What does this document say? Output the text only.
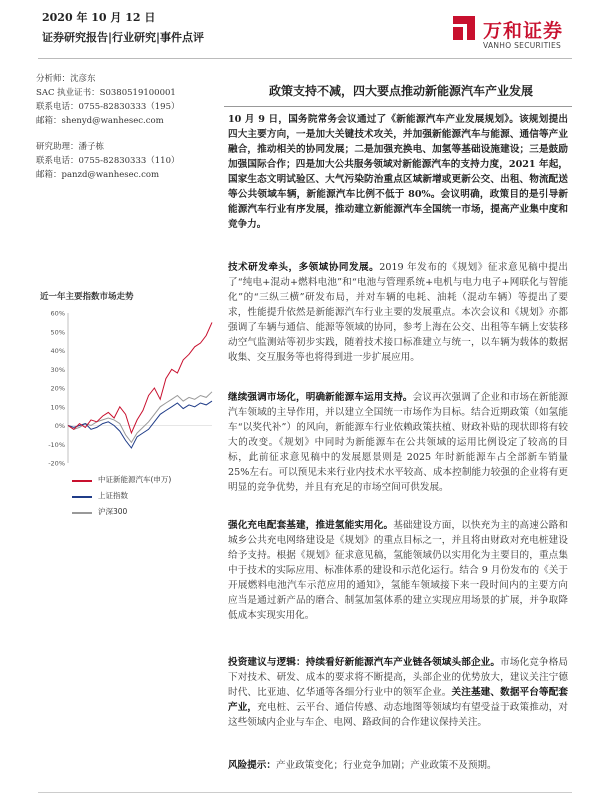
2020 年 10 月 12 日
证券研究报告|行业研究|事件点评	万和证券
VANHO SECURITIES
分析师：沈彦东
SAC 执业证书：S0380519100001
联系电话：0755-82830333（195）
邮箱：shenyd@wanhesec.com
研究助理：潘子栋
联系电话：0755-82830333（110）
邮箱：panzd@wanhesec.com
近一年主要指数市场走势
60%
50%
40%
30%
20%
10%
0%
-10%
-20%
中证新能源汽车(申万)
上证指数
沪深300
政策支持不减，四大要点推动新能源汽车产业发展
10 月 9 日，国务院常务会议通过了《新能源汽车产业发展规划》。该规划提出四大主要方向，一是加大关键技术攻关，并加强新能源汽车与能源、通信等产业融合，推动相关的协同发展；二是加强充换电、加氢等基础设施建设；三是鼓励加强国际合作；四是加大公共服务领域对新能源汽车的支持力度，2021 年起，国家生态文明试验区、大气污染防治重点区域新增或更新公交、出租、物流配送等公共领域车辆，新能源汽车比例不低于 80%。会议明确，政策目的是引导新能源汽车行业有序发展，推动建立新能源汽车全国统一市场，提高产业集中度和竞争力。
技术研发牵头，多领域协同发展。2019 年发布的《规划》征求意见稿中提出了“纯电+混动+燃料电池”和“电池与管理系统+电机与电力电子+网联化与智能化”的“三纵三横”研发布局，并对车辆的电耗、油耗（混动车辆）等提出了要求，性能提升依然是新能源汽车行业主要的发展重点。本次会议和《规划》亦都强调了车辆与通信、能源等领域的协同，参考上海在公交、出租等车辆上安装移动空气监测站等初步实践，随着技术接口标准建立与统一，以车辆为载体的数据收集、交互服务等也将得到进一步扩展应用。
继续强调市场化，明确新能源车运用支持。会议再次强调了企业和市场在新能源汽车领域的主导作用，并以建立全国统一市场作为目标。结合近期政策（如氢能车“以奖代补”）的风向，新能源车行业依赖政策扶植、财政补贴的现状即将有较大的改变。《规划》中同时为新能源车在公共领域的运用比例设定了较高的目标，此前征求意见稿中的发展愿景则是 2025 年时新能源车占全部新车销量 25%左右。可以预见未来行业内技术水平较高、成本控制能力较强的企业将有更明显的竞争优势，并且有充足的市场空间可供发展。
强化充电配套基建，推进氢能实用化。基础建设方面，以快充为主的高速公路和城乡公共充电网络建设是《规划》的重点目标之一，并且将由财政对充电桩建设给予支持。根据《规划》征求意见稿，氢能领域仍以实用化为主要目的，重点集中于技术的实际应用、标准体系的建设和示范化运行。结合 9 月份发布的《关于开展燃料电池汽车示范应用的通知》，氢能车领域接下来一段时间内的主要方向应当是通过新产品的磨合、制氢加氢体系的建立实现应用场景的扩展，并争取降低成本实现实用化。
投资建议与逻辑：持续看好新能源汽车产业链各领域头部企业。市场化竞争格局下对技术、研发、成本的要求将不断提高，头部企业的优势放大，建议关注宁德时代、比亚迪、亿华通等各细分行业中的领军企业。关注基建、数据平台等配套产业，充电桩、云平台、通信传感、动态地图等领域均有望受益于政策推动，对这些领域内企业与车企、电网、路政间的合作建议保持关注。
风险提示：产业政策变化；行业竞争加剧；产业政策不及预期。
